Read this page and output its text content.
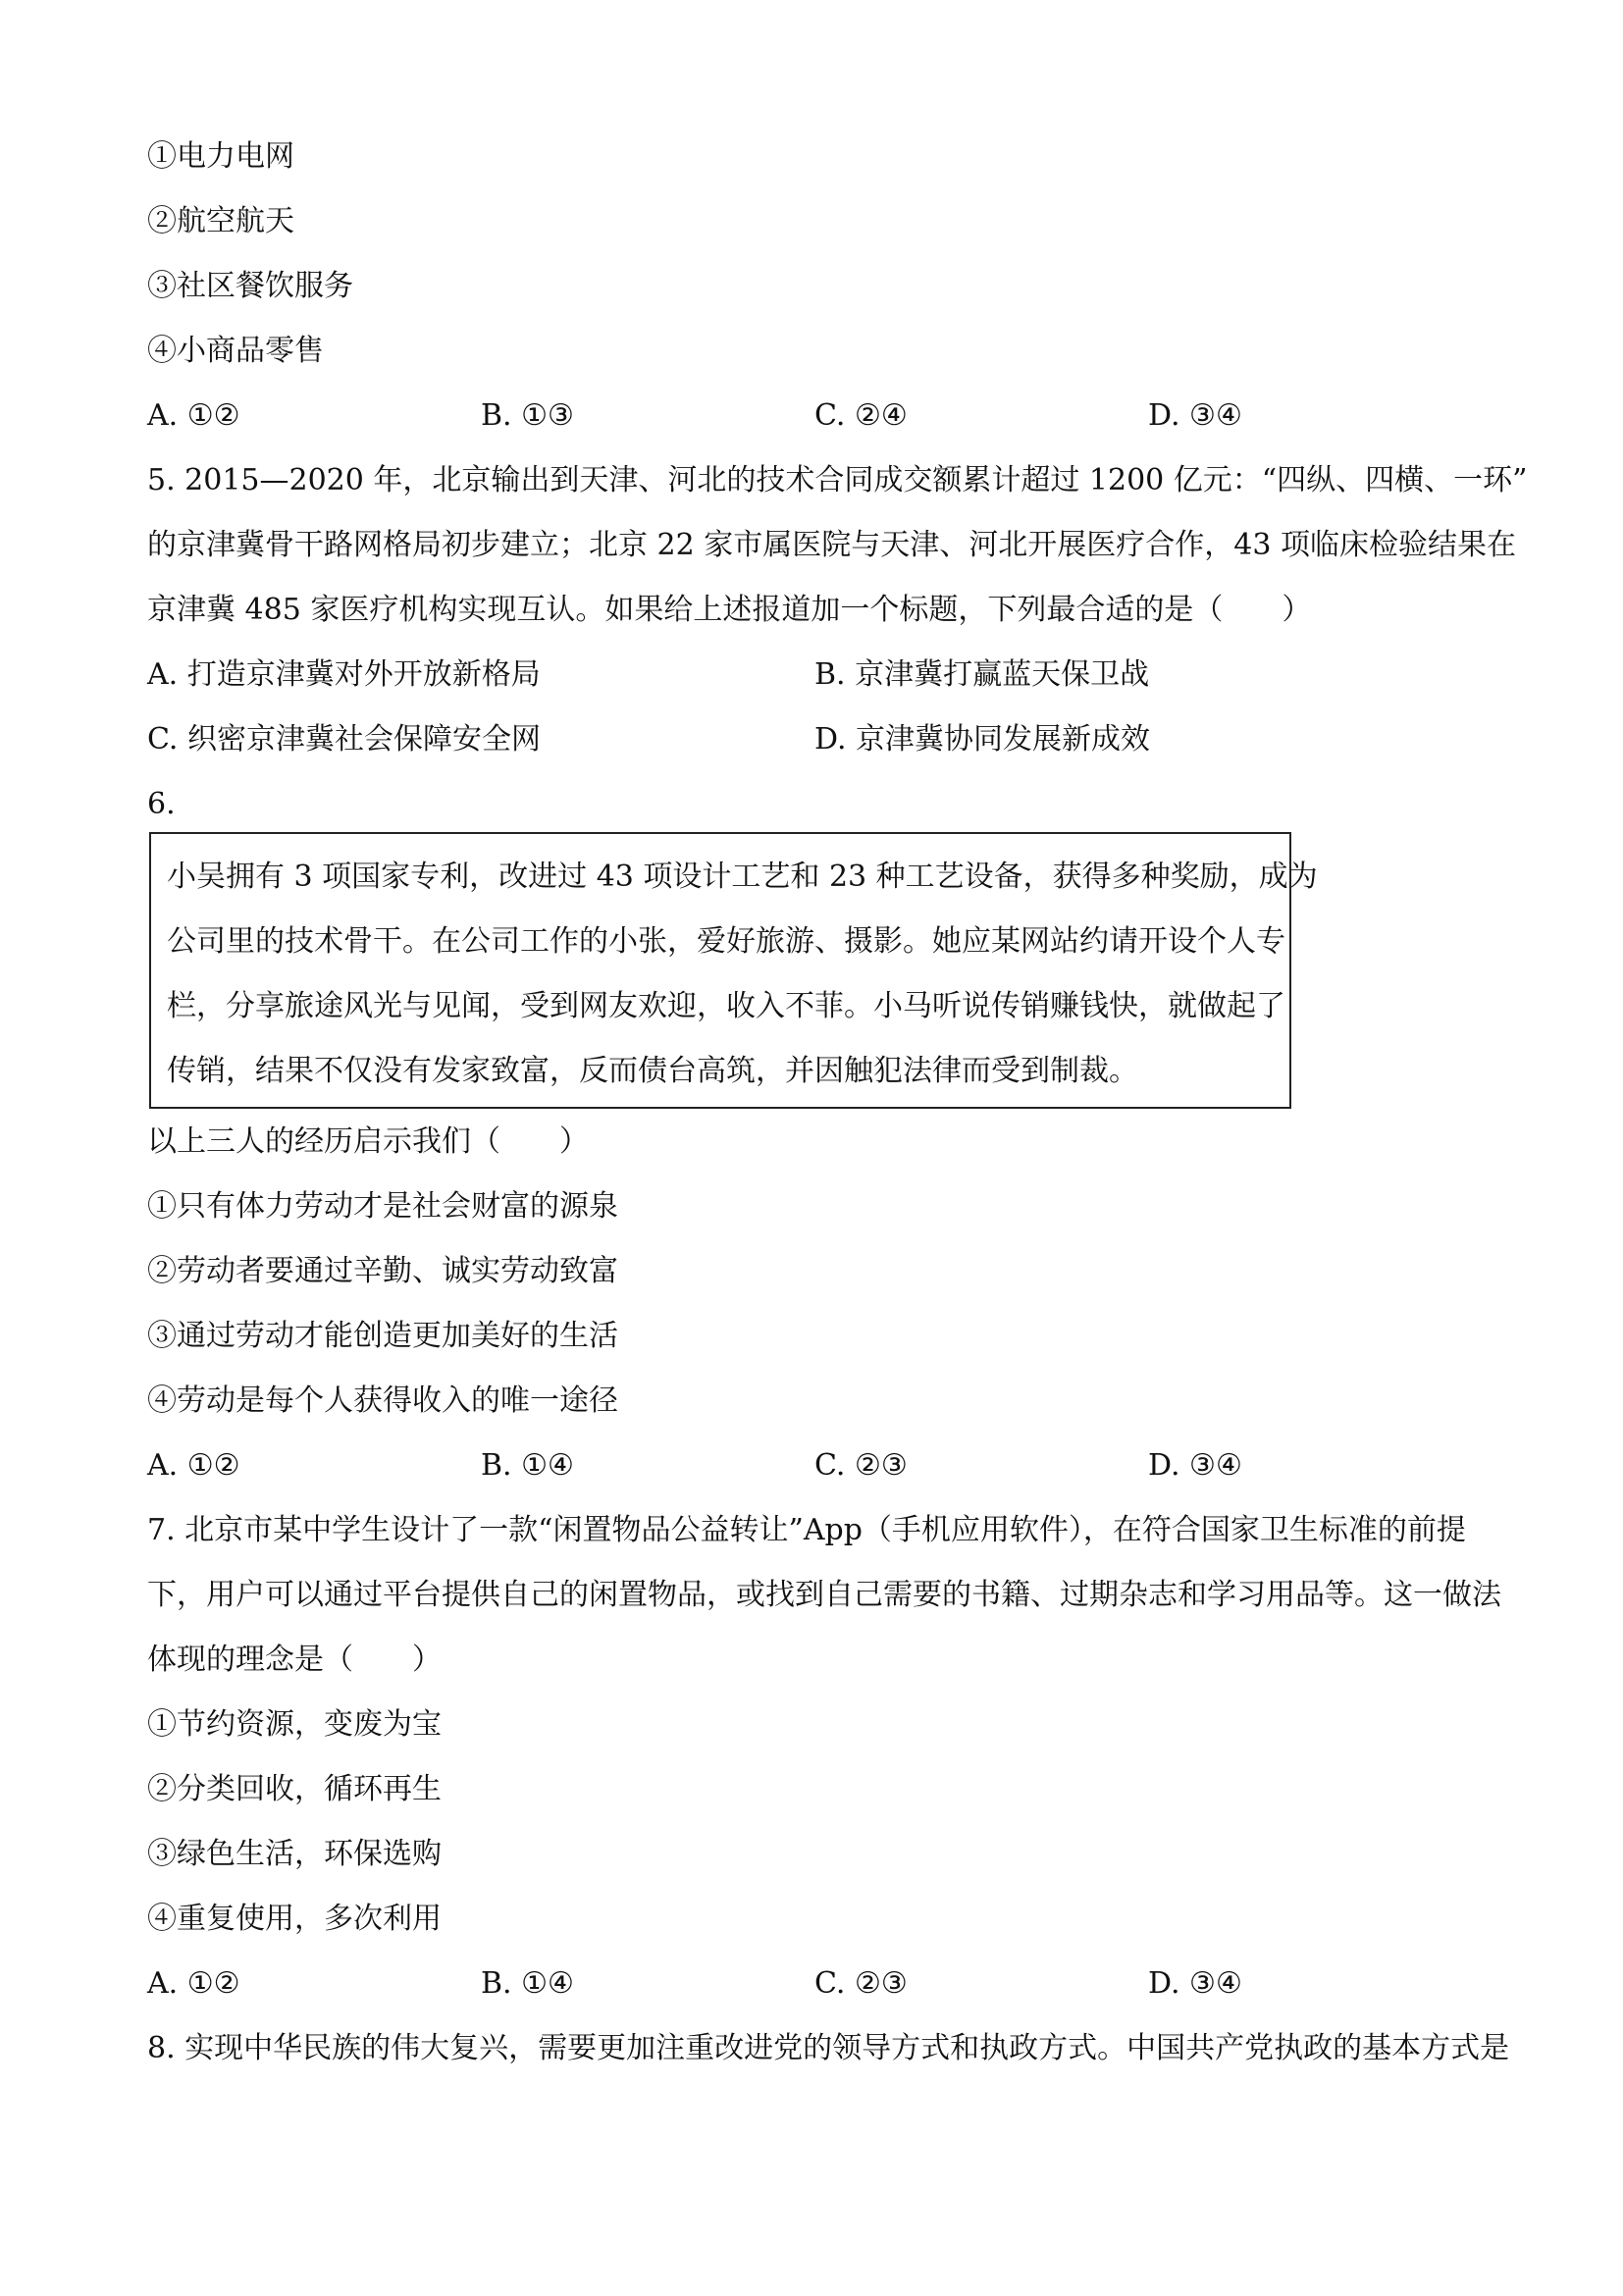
①电力电网
②航空航天
③社区餐饮服务
④小商品零售
A. ①②	B. ①③	C. ②④	D. ③④
5. 2015—2020 年，北京输出到天津、河北的技术合同成交额累计超过 1200 亿元：“四纵、四横、一环”
的京津冀骨干路网格局初步建立；北京 22 家市属医院与天津、河北开展医疗合作，43 项临床检验结果在
京津冀 485 家医疗机构实现互认。如果给上述报道加一个标题，下列最合适的是（　　）
A. 打造京津冀对外开放新格局	B. 京津冀打赢蓝天保卫战
C. 织密京津冀社会保障安全网	D. 京津冀协同发展新成效
6.
小吴拥有 3 项国家专利，改进过 43 项设计工艺和 23 种工艺设备，获得多种奖励，成为
公司里的技术骨干。在公司工作的小张，爱好旅游、摄影。她应某网站约请开设个人专
栏，分享旅途风光与见闻，受到网友欢迎，收入不菲。小马听说传销赚钱快，就做起了
传销，结果不仅没有发家致富，反而债台高筑，并因触犯法律而受到制裁。
以上三人的经历启示我们（　　）
①只有体力劳动才是社会财富的源泉
②劳动者要通过辛勤、诚实劳动致富
③通过劳动才能创造更加美好的生活
④劳动是每个人获得收入的唯一途径
A. ①②	B. ①④	C. ②③	D. ③④
7. 北京市某中学生设计了一款“闲置物品公益转让”App（手机应用软件），在符合国家卫生标准的前提
下，用户可以通过平台提供自己的闲置物品，或找到自己需要的书籍、过期杂志和学习用品等。这一做法
体现的理念是（　　）
①节约资源，变废为宝
②分类回收，循环再生
③绿色生活，环保选购
④重复使用，多次利用
A. ①②	B. ①④	C. ②③	D. ③④
8. 实现中华民族的伟大复兴，需要更加注重改进党的领导方式和执政方式。中国共产党执政的基本方式是
